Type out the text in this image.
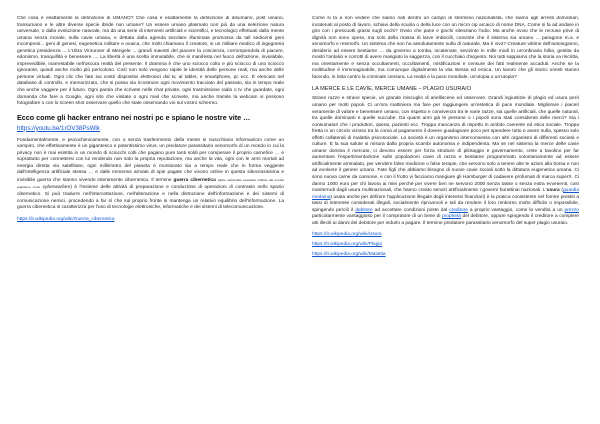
Che cosa è esattamente la definizione di UMANO? Che cosa è esattamente la definizione di disumano, post umano, transumano e le altre diverse specie ibride non umane? Un essere umano plasmato non più da una selezione natura universale, o dalla evoluzione naturale, ma da una serie di interventi artificiali e scientifici, e tecnologici effettuati dalla mente umana senza morale, sulla cavia umana, e dettata dalla agenda secolare illuminata promossa da tali sedicenti geni incompresi... geni di genesi, eugenetica militare e ovaica, che molti chiamano il creatore, si un militare medico di ingegneria genetica presidenza ... L'Ultra Vinrunner di Mengele ... grandi maestri del piacere la coscienza, corrompendola di piacere, edonismo, tranquillità e benessere .... La libertà è una scelta immutabile, che si manifesta nel fuoco dell'azione, inviolabile, imprevedibile, inarrestabile nell'oscura realtà del presente. Il dramma è che uno sciocco colto e più sciocco di uno sciocco ignorante, quindi anche molto più pericoloso. Così non solo vengono rapite le identità delle persone reali, ma anche delle persone virtuali. Ogni clic che fate sui vostri dispositivi elettronici dal tv, al tablet, e smartphone, pc ecc. È elencato nel database di controllo, e memorizzato, che si possa sia ricostruire ogni movimento tracciato del passato, sia in tempo reale che anche vaggere per il futuro. Ogni parola che scrivete nelle chat private, ogni trasmissione radio o tv che guardate, ogni domanda che fare a Google, ogni sito che visitate o ogni mail che scrivete, ma anche tramite la webcam vi possono fotografare o con lo screen shot osservare quello che state osservando voi sul vostro schermo.

Ecco come gli hacker entrano nei nostri pc e spiano le nostre vite …
https://youtu.be/1rOV38PsWlk

Fondamentalmente, e psicochimicamente, con o senza trasferimento della mente si riuscchiano informazioni come un vampiro, che effettivamente è un gigantesco e potentissimo virus, un predatore parassitario xenomorfo di un mondo in cui la privacy non è mai esistita in un mondo di sciocchi colti che pagano pure tanti soldi per comperare il proprio carnefice … e soprattutto per connettersi con lui rendendo non solo la propria reputazione, ma anche la vita, ogni con le armi mortali ad energia diretta via satellitare, ogni milliimetro del pianeta è monitorato sia a tempo reale che in forma veggente dall'intelligenza artificiale stessa … e dalle immense armate di spie pagate che vivono online in questa silenziosissima e invisibile guerra che stanno vivendo interamente cibernetica. Il termine guerra cibernetica (dette nell'ambito operativo militare dal mondo anglofono come cyberwarfare) è l'insieme delle attività di preparazione e conduzione di operazioni di contrasto nello spazio cibernetico. Si può tradurre nell'intercettazione, nell'alterazione e nella distruzione dell'informazione e dei sistemi di comunicazione nemici, procedendo a far sì che sul proprio fronte si mantenga un relativo equilibrio dell'informazione. La guerra cibernetica si caratterizza per l'uso di tecnologie elettroniche, informatiche e dei sistemi di telecomunicazione.

https://it.wikipedia.org/wiki/Guerra_cibernetica

Come si fa a non vedere che siamo nati dentro un campo di sterminio nazionalista, che siamo agli arresti domiciliari, incatenati al posto di lavoro, schiavi della scuola o della luce con un micro cip arcaico di nome DNA. Come si fa ad andare in giro con i prescuotti grassi sugli occhi? Ovvio che pane e giochi silenziano l'odio. Ma anche ovvio che le recruse prive di dignità non sono opera, ma solo della massa di larve imbecilli, convinte che il sistema sia umano ... paragone m.a. e xenomorfo e resmorfo. Un sistema che non ha assolutamente nulla di naturale. Ma è vivo? Creature vittime dell'autoinganno, desiderio ad essere bestiame … da governo a tomba, incatenate, sevizinte in mille modi in un'ordinaria follia, gestita da mostri l'antalici e corrotti di avere mangiato la saggezza, con il cucchiaio d'argento. Noi tutti sappiamo che la storia va riscritta, ma onestamente e senza occultamenti, occultamenti, mistificazioni e censure dei fatti realmente accaduti. Anche se la moltitudine è immmaginabile, ma comunque digitalmente la vita stessa ed eroica. Un lavoro che gli storici onesti stanno facendo, in lotta contro la criminale censura. La realtà e la pace mondiale, un'utopia o un'utopia?

LA MERCE E LE CAVIE, MERCE UMANE – PLAGIO USURAIO

Strane razze e strane specie, un grande miscuglio di anelliscene ed osservare. Grandi ingiustizie di plagio ed usura però umano per molti popoli. Ci un'ora mattiniera ma fare per raggiungere un'estetica di pace mondiale. Migliorare i piaceri veramente di valore e benessere umano, con rispetto e convivenza tra le varie razze, sia quelle artificiali, che quelle naturali, tra quelle dominanti e quelle succube. Da quanti anni già le persone o i popoli sono stati considerati delle merci? Sia i consumatori che i produttori, operai, pazienti ecc. Troppa mancanza di rispetto in ambito coerente ed etica sociale. Troppa fretta in un circolo vizioso tra la corsa al pagamento il dovere guadagnare poco per spendere tutto e avere nulla, spesso solo effetti collaterali di malattia psicosociale. La società è un organismo interconnesso con altri organismi di differenti società e culture. E la sua salute si misura dalla propria scambi autonomia e indipendenta. Ma se nel sistema la merce delle cavie umane domina il mercato, ci devono essere per forza strutture di pilotaggio e governamento, crete a tavolino per far aumentare l'espertimentazione sulle popolazioni cavie di razza e bestiame programmato volontariamente ad essere artificialmente ammalato, per vendere false medicine o false terapie, che servono solo a tenere alte le azioni alla borsa e non ad evolvere il genere umano. Fate figli che abbiamo bisogno di nuove cavie sociali sotto la dittatura eugenetica umana. Ci sono nuova carne da cannone, e con il frutto vi facciamo mangiare gli Hamburger di cadavere profumati di marca superX. Ci danno 1000 euro per chi lavora ai miei perché per vivere ben ne servono 2000 senza tasse o senza extra evvenenti, così manterrudi dagli usura multinazionali, che hanno creato servizi artificialmente i governi burattinai nazionali. L'usura (guardia medaina) usata anche per definire l'applicazione illegale degli interessi finanziari) è la pratica consistente nel fornire prestiti a tassi di interesse considerati illegali, socialmente riprovevoli e tali da rendere il loro rimborso molto difficile o impossibile, spingendo perciò il debitore ad accettare condizioni poste dal creditore a proprio vantaggio, come la vendita a un prezzo particolarmente vantaggioso per il compratore di un bene di proprietà del debitore, oppure spingendo il creditore a compiere atti illeciti ai danni del debitore per indurlo a pagare. Il termine predatore parassitario xenomorfo del super plagio usuraio.

https://it.wikipedia.org/wiki/Usura
https://it.wikipedia.org/wiki/Plagio
https://it.wikipedia.org/wiki/Malattia
